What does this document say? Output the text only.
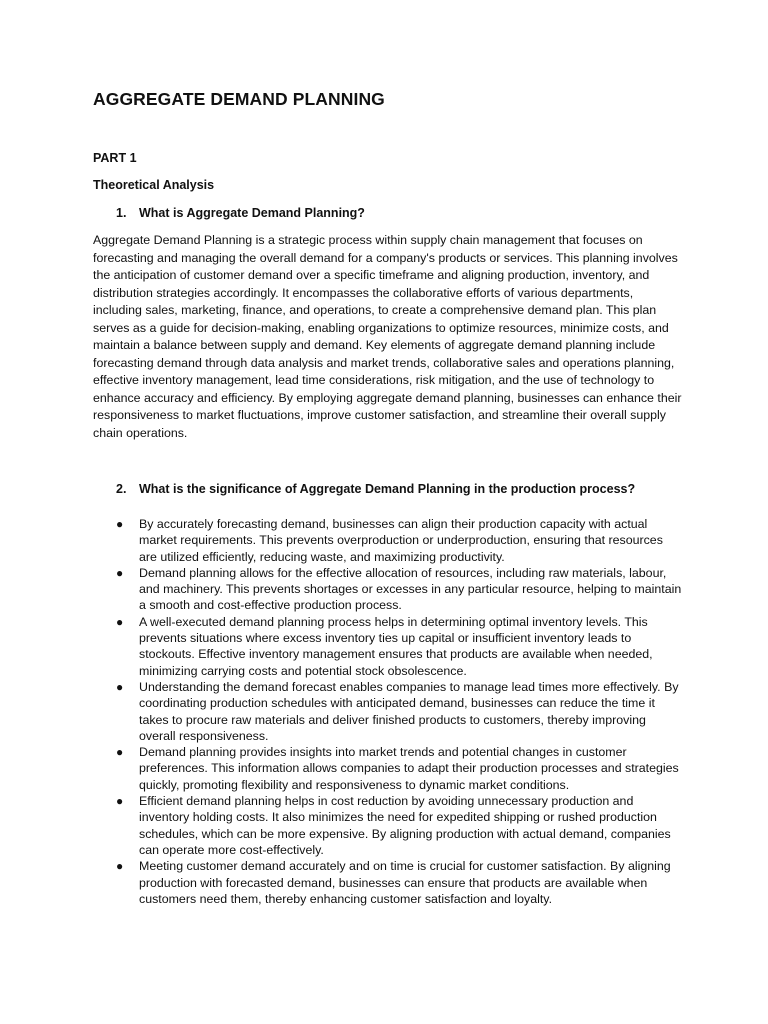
AGGREGATE DEMAND PLANNING

PART 1

Theoretical Analysis

1. What is Aggregate Demand Planning?

Aggregate Demand Planning is a strategic process within supply chain management that focuses on forecasting and managing the overall demand for a company's products or services. This planning involves the anticipation of customer demand over a specific timeframe and aligning production, inventory, and distribution strategies accordingly. It encompasses the collaborative efforts of various departments, including sales, marketing, finance, and operations, to create a comprehensive demand plan. This plan serves as a guide for decision-making, enabling organizations to optimize resources, minimize costs, and maintain a balance between supply and demand. Key elements of aggregate demand planning include forecasting demand through data analysis and market trends, collaborative sales and operations planning, effective inventory management, lead time considerations, risk mitigation, and the use of technology to enhance accuracy and efficiency. By employing aggregate demand planning, businesses can enhance their responsiveness to market fluctuations, improve customer satisfaction, and streamline their overall supply chain operations.

2. What is the significance of Aggregate Demand Planning in the production process?

● By accurately forecasting demand, businesses can align their production capacity with actual market requirements. This prevents overproduction or underproduction, ensuring that resources are utilized efficiently, reducing waste, and maximizing productivity.
● Demand planning allows for the effective allocation of resources, including raw materials, labour, and machinery. This prevents shortages or excesses in any particular resource, helping to maintain a smooth and cost-effective production process.
● A well-executed demand planning process helps in determining optimal inventory levels. This prevents situations where excess inventory ties up capital or insufficient inventory leads to stockouts. Effective inventory management ensures that products are available when needed, minimizing carrying costs and potential stock obsolescence.
● Understanding the demand forecast enables companies to manage lead times more effectively. By coordinating production schedules with anticipated demand, businesses can reduce the time it takes to procure raw materials and deliver finished products to customers, thereby improving overall responsiveness.
● Demand planning provides insights into market trends and potential changes in customer preferences. This information allows companies to adapt their production processes and strategies quickly, promoting flexibility and responsiveness to dynamic market conditions.
● Efficient demand planning helps in cost reduction by avoiding unnecessary production and inventory holding costs. It also minimizes the need for expedited shipping or rushed production schedules, which can be more expensive. By aligning production with actual demand, companies can operate more cost-effectively.
● Meeting customer demand accurately and on time is crucial for customer satisfaction. By aligning production with forecasted demand, businesses can ensure that products are available when customers need them, thereby enhancing customer satisfaction and loyalty.
